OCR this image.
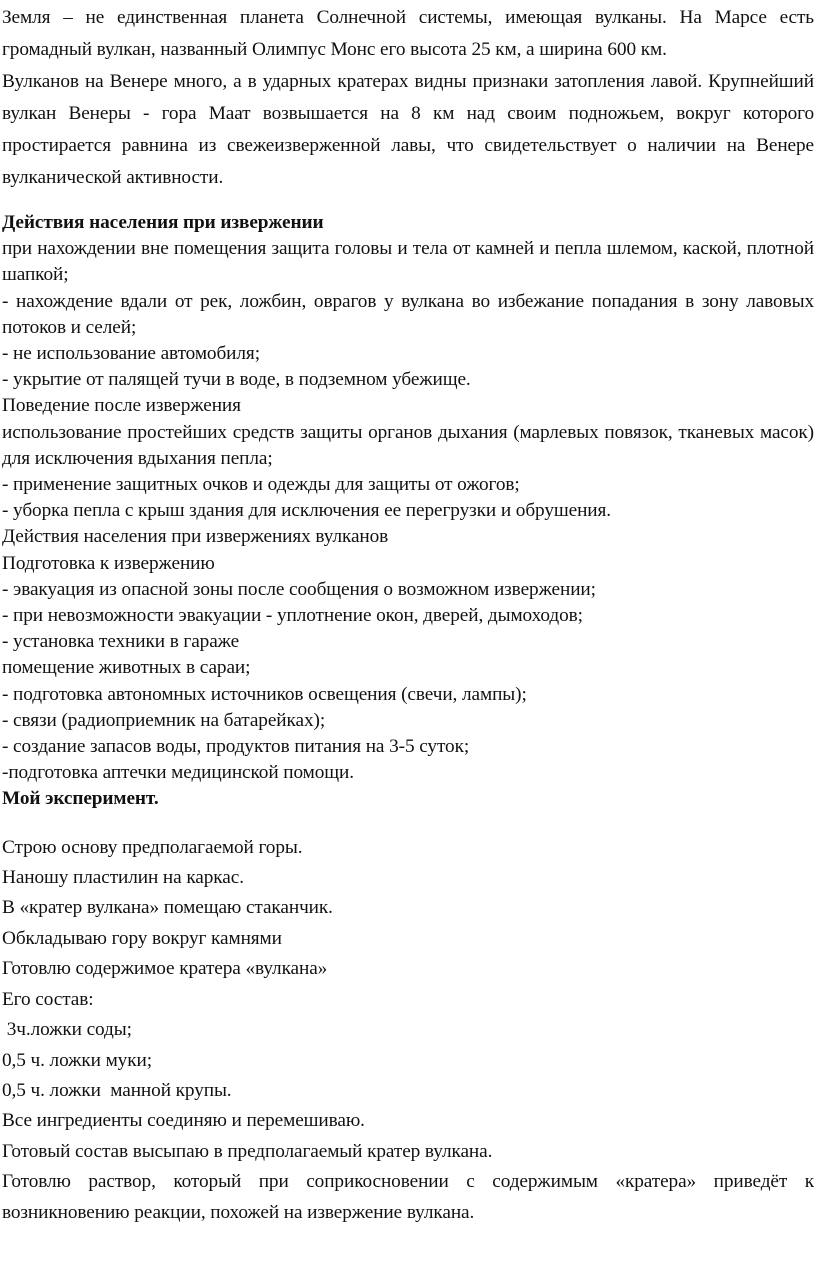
Земля – не единственная планета Солнечной системы, имеющая вулканы. На Марсе есть громадный вулкан, названный Олимпус Монс его высота 25 км, а ширина 600 км.

Вулканов на Венере много, а в ударных кратерах видны признаки затопления лавой. Крупнейший вулкан Венеры - гора Маат возвышается на 8 км над своим подножьем, вокруг которого простирается равнина из свежеизверженной лавы, что свидетельствует о наличии на Венере вулканической активности.

Действия населения при извержении
при нахождении вне помещения защита головы и тела от камней и пепла шлемом, каской, плотной шапкой;
- нахождение вдали от рек, ложбин, оврагов у вулкана во избежание попадания в зону лавовых потоков и селей;
- не использование автомобиля;
- укрытие от палящей тучи в воде, в подземном убежище.
Поведение после извержения
использование простейших средств защиты органов дыхания (марлевых повязок, тканевых масок) для исключения вдыхания пепла;
- применение защитных очков и одежды для защиты от ожогов;
- уборка пепла с крыш здания для исключения ее перегрузки и обрушения.
Действия населения при извержениях вулканов
Подготовка к извержению
- эвакуация из опасной зоны после сообщения о возможном извержении;
- при невозможности эвакуации - уплотнение окон, дверей, дымоходов;
- установка техники в гараже
помещение животных в сараи;
- подготовка автономных источников освещения (свечи, лампы);
- связи (радиоприемник на батарейках);
- создание запасов воды, продуктов питания на 3-5 суток;
-подготовка аптечки медицинской помощи.
Мой эксперимент.
Строю основу предполагаемой горы.
Наношу пластилин на каркас.
В «кратер вулкана» помещаю стаканчик.
Обкладываю гору вокруг камнями
Готовлю содержимое кратера «вулкана»
Его состав:
3ч.ложки соды;
0,5 ч. ложки муки;
0,5 ч. ложки  манной крупы.
Все ингредиенты соединяю и перемешиваю.
Готовый состав высыпаю в предполагаемый кратер вулкана.
Готовлю раствор, который при соприкосновении с содержимым «кратера» приведёт к возникновению реакции, похожей на извержение вулкана.
